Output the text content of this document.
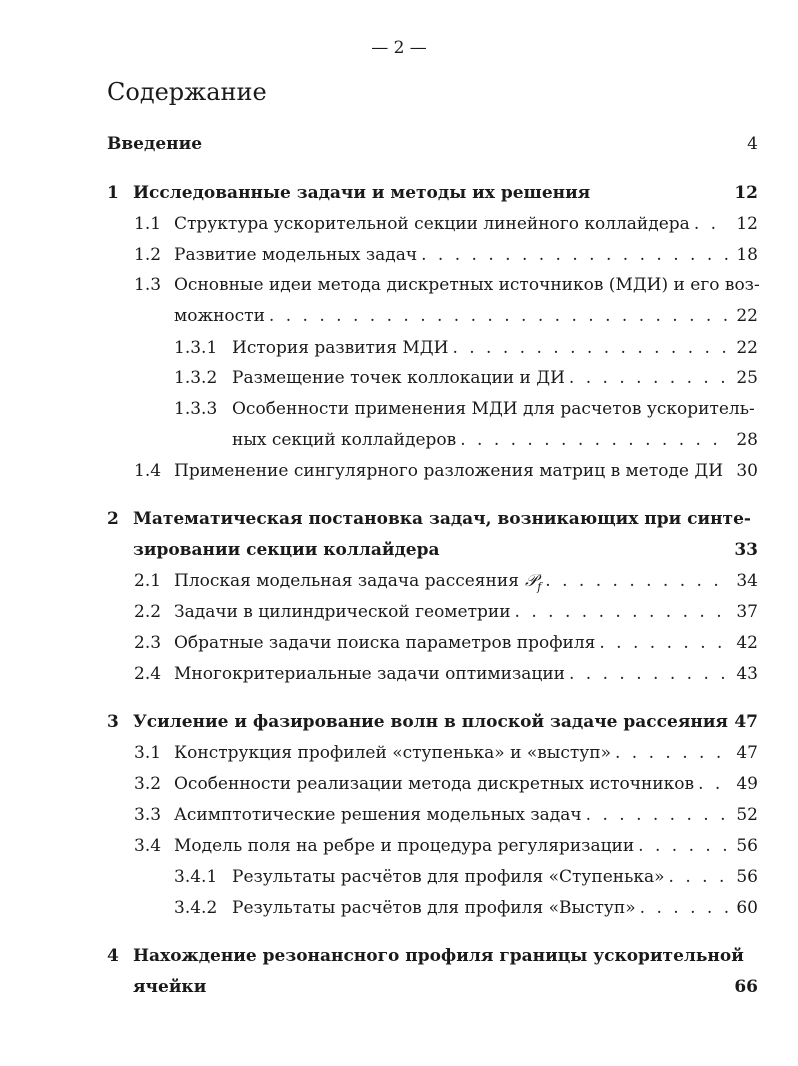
— 2 —
Содержание
Введение	4
1 Исследованные задачи и методы их решения	12
1.1 Структура ускорительной секции линейного коллайдера . . .	12
1.2 Развитие модельных задач . . .	18
1.3 Основные идеи метода дискретных источников (МДИ) и его воз-
можности . . .	22
1.3.1 История развития МДИ . . .	22
1.3.2 Размещение точек коллокации и ДИ . . .	25
1.3.3 Особенности применения МДИ для расчетов ускоритель-
ных секций коллайдеров . . .	28
1.4 Применение сингулярного разложения матриц в методе ДИ . . . 30
2 Математическая постановка задач, возникающих при синте-
зировании секции коллайдера	33
2.1 Плоская модельная задача рассеяния 𝒫$_f$ . . .	34
2.2 Задачи в цилиндрической геометрии . . .	37
2.3 Обратные задачи поиска параметров профиля . . .	42
2.4 Многокритериальные задачи оптимизации . . .	43
3 Усиление и фазирование волн в плоской задаче рассеяния 47
3.1 Конструкция профилей «ступенька» и «выступ» . . .	47
3.2 Особенности реализации метода дискретных источников . . . 49
3.3 Асимптотические решения модельных задач . . .	52
3.4 Модель поля на ребре и процедура регуляризации . . .	56
3.4.1 Результаты расчётов для профиля «Ступенька» . . .	56
3.4.2 Результаты расчётов для профиля «Выступ» . . .	60
4 Нахождение резонансного профиля границы ускорительной
ячейки	66
